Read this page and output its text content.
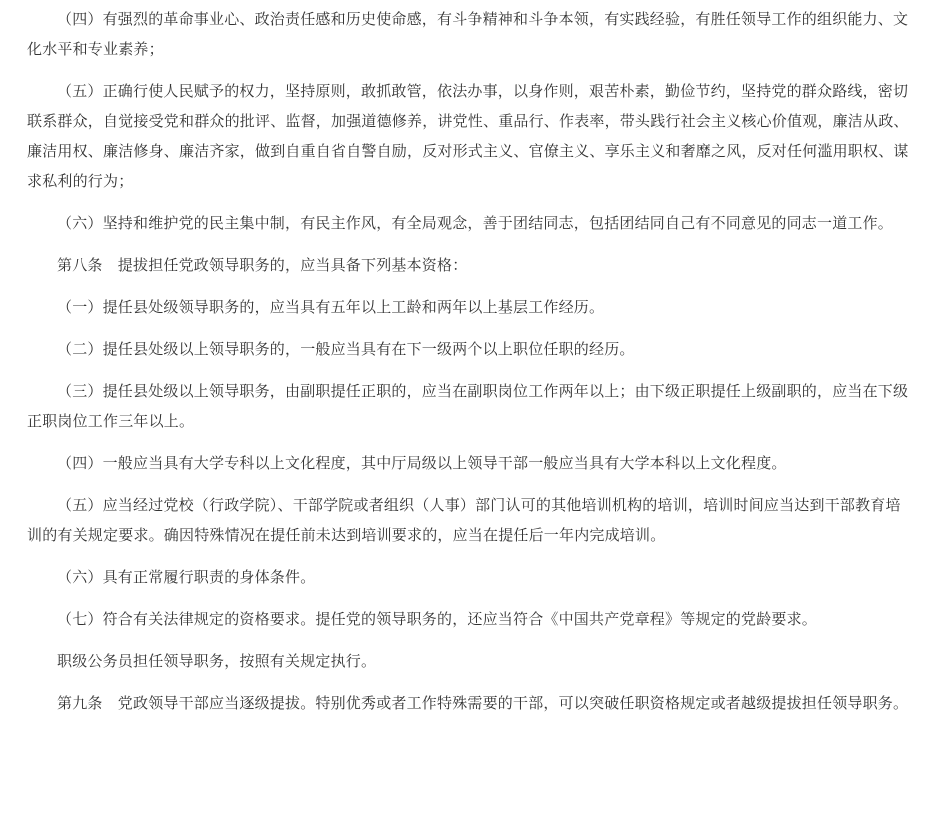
（四）有强烈的革命事业心、政治责任感和历史使命感，有斗争精神和斗争本领，有实践经验，有胜任领导工作的组织能力、文化水平和专业素养；

（五）正确行使人民赋予的权力，坚持原则，敢抓敢管，依法办事，以身作则，艰苦朴素，勤俭节约，坚持党的群众路线，密切联系群众，自觉接受党和群众的批评、监督，加强道德修养，讲党性、重品行、作表率，带头践行社会主义核心价值观，廉洁从政、廉洁用权、廉洁修身、廉洁齐家，做到自重自省自警自励，反对形式主义、官僚主义、享乐主义和奢靡之风，反对任何滥用职权、谋求私利的行为；

（六）坚持和维护党的民主集中制，有民主作风，有全局观念，善于团结同志，包括团结同自己有不同意见的同志一道工作。

第八条　提拔担任党政领导职务的，应当具备下列基本资格：

（一）提任县处级领导职务的，应当具有五年以上工龄和两年以上基层工作经历。

（二）提任县处级以上领导职务的，一般应当具有在下一级两个以上职位任职的经历。

（三）提任县处级以上领导职务，由副职提任正职的，应当在副职岗位工作两年以上；由下级正职提任上级副职的，应当在下级正职岗位工作三年以上。

（四）一般应当具有大学专科以上文化程度，其中厅局级以上领导干部一般应当具有大学本科以上文化程度。

（五）应当经过党校（行政学院）、干部学院或者组织（人事）部门认可的其他培训机构的培训，培训时间应当达到干部教育培训的有关规定要求。确因特殊情况在提任前未达到培训要求的，应当在提任后一年内完成培训。

（六）具有正常履行职责的身体条件。

（七）符合有关法律规定的资格要求。提任党的领导职务的，还应当符合《中国共产党章程》等规定的党龄要求。

职级公务员担任领导职务，按照有关规定执行。

第九条　党政领导干部应当逐级提拔。特别优秀或者工作特殊需要的干部，可以突破任职资格规定或者越级提拔担任领导职务。
